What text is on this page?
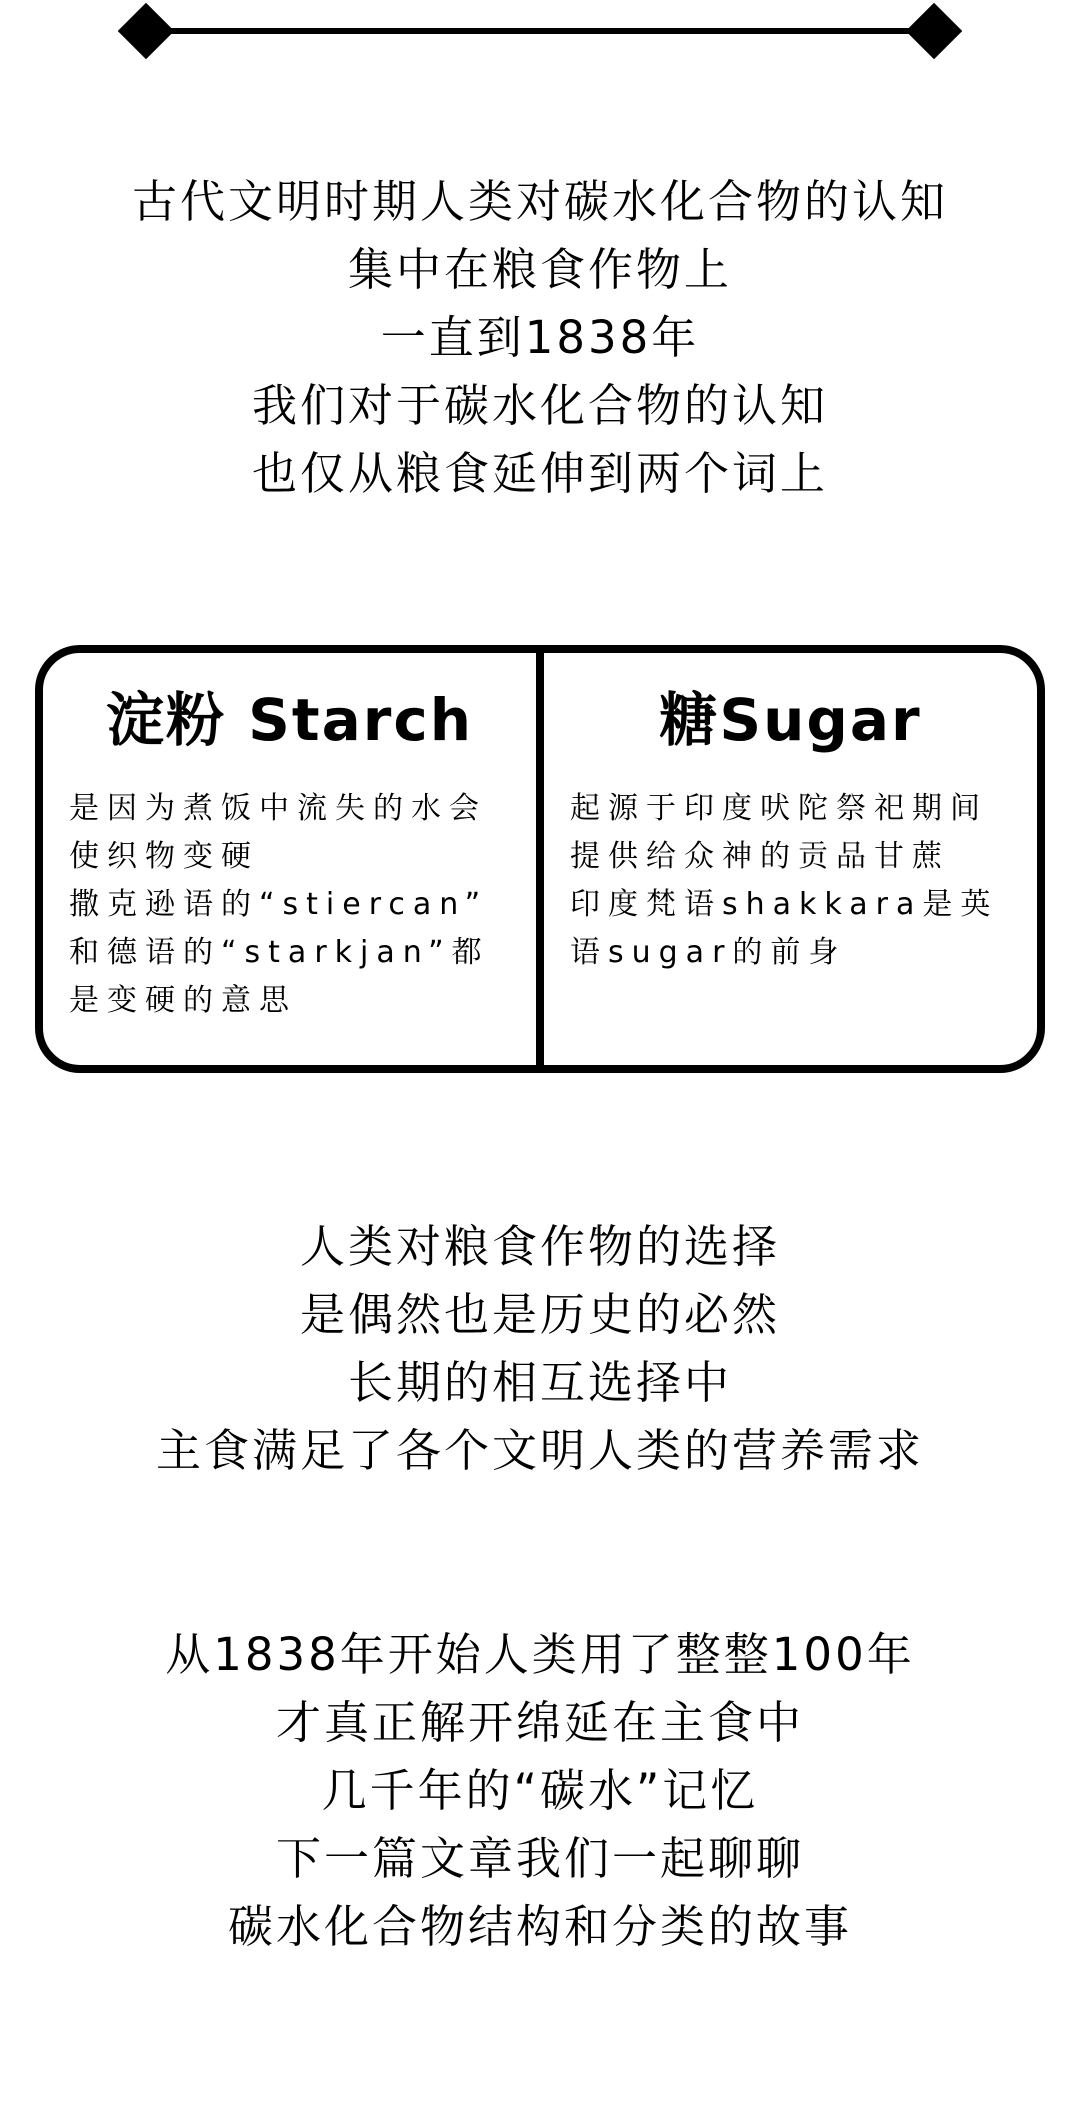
古代文明时期人类对碳水化合物的认知
集中在粮食作物上
一直到1838年
我们对于碳水化合物的认知
也仅从粮食延伸到两个词上
淀粉 Starch
是因为煮饭中流失的水会
使织物变硬
撒克逊语的“stiercan”
和德语的“starkjan”都
是变硬的意思
糖Sugar
起源于印度吠陀祭祀期间
提供给众神的贡品甘蔗
印度梵语shakkara是英
语sugar的前身
人类对粮食作物的选择
是偶然也是历史的必然
长期的相互选择中
主食满足了各个文明人类的营养需求
从1838年开始人类用了整整100年
才真正解开绵延在主食中
几千年的“碳水”记忆
下一篇文章我们一起聊聊
碳水化合物结构和分类的故事
